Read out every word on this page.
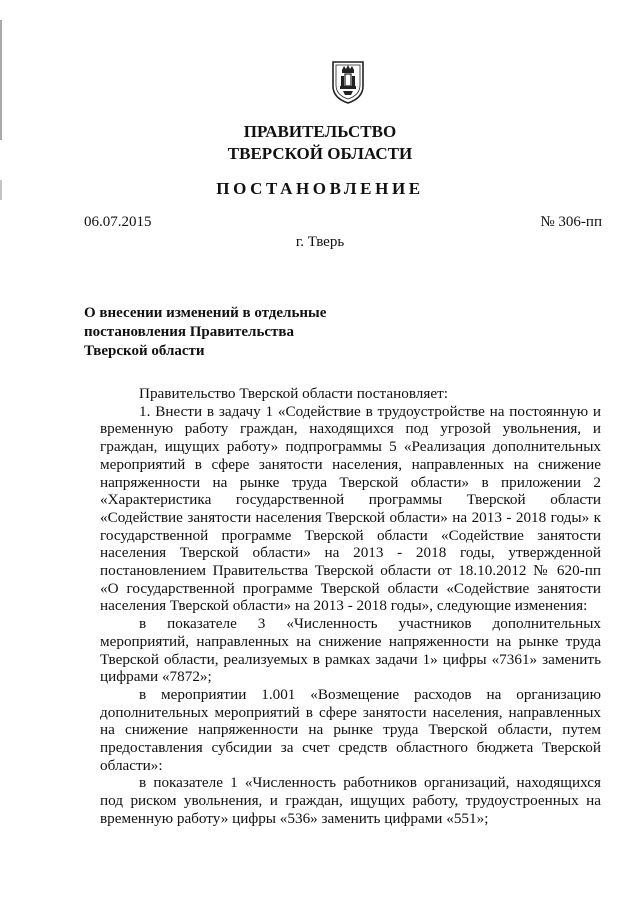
ПРАВИТЕЛЬСТВО
ТВЕРСКОЙ ОБЛАСТИ
ПОСТАНОВЛЕНИЕ
06.07.2015	№ 306-пп
г. Тверь
О внесении изменений в отдельные
постановления Правительства
Тверской области

Правительство Тверской области постановляет:

1. Внести в задачу 1 «Содействие в трудоустройстве на постоянную и временную работу граждан, находящихся под угрозой увольнения, и граждан, ищущих работу» подпрограммы 5 «Реализация дополнительных мероприятий в сфере занятости населения, направленных на снижение напряженности на рынке труда Тверской области» в приложении 2 «Характеристика государственной программы Тверской области «Содействие занятости населения Тверской области» на 2013 - 2018 годы» к государственной программе Тверской области «Содействие занятости населения Тверской области» на 2013 - 2018 годы, утвержденной постановлением Правительства Тверской области от 18.10.2012 № 620-пп «О государственной программе Тверской области «Содействие занятости населения Тверской области» на 2013 - 2018 годы», следующие изменения:

в показателе 3 «Численность участников дополнительных мероприятий, направленных на снижение напряженности на рынке труда Тверской области, реализуемых в рамках задачи 1» цифры «7361» заменить цифрами «7872»;

в мероприятии 1.001 «Возмещение расходов на организацию дополнительных мероприятий в сфере занятости населения, направленных на снижение напряженности на рынке труда Тверской области, путем предоставления субсидии за счет средств областного бюджета Тверской области»:

в показателе 1 «Численность работников организаций, находящихся под риском увольнения, и граждан, ищущих работу, трудоустроенных на временную работу» цифры «536» заменить цифрами «551»;
